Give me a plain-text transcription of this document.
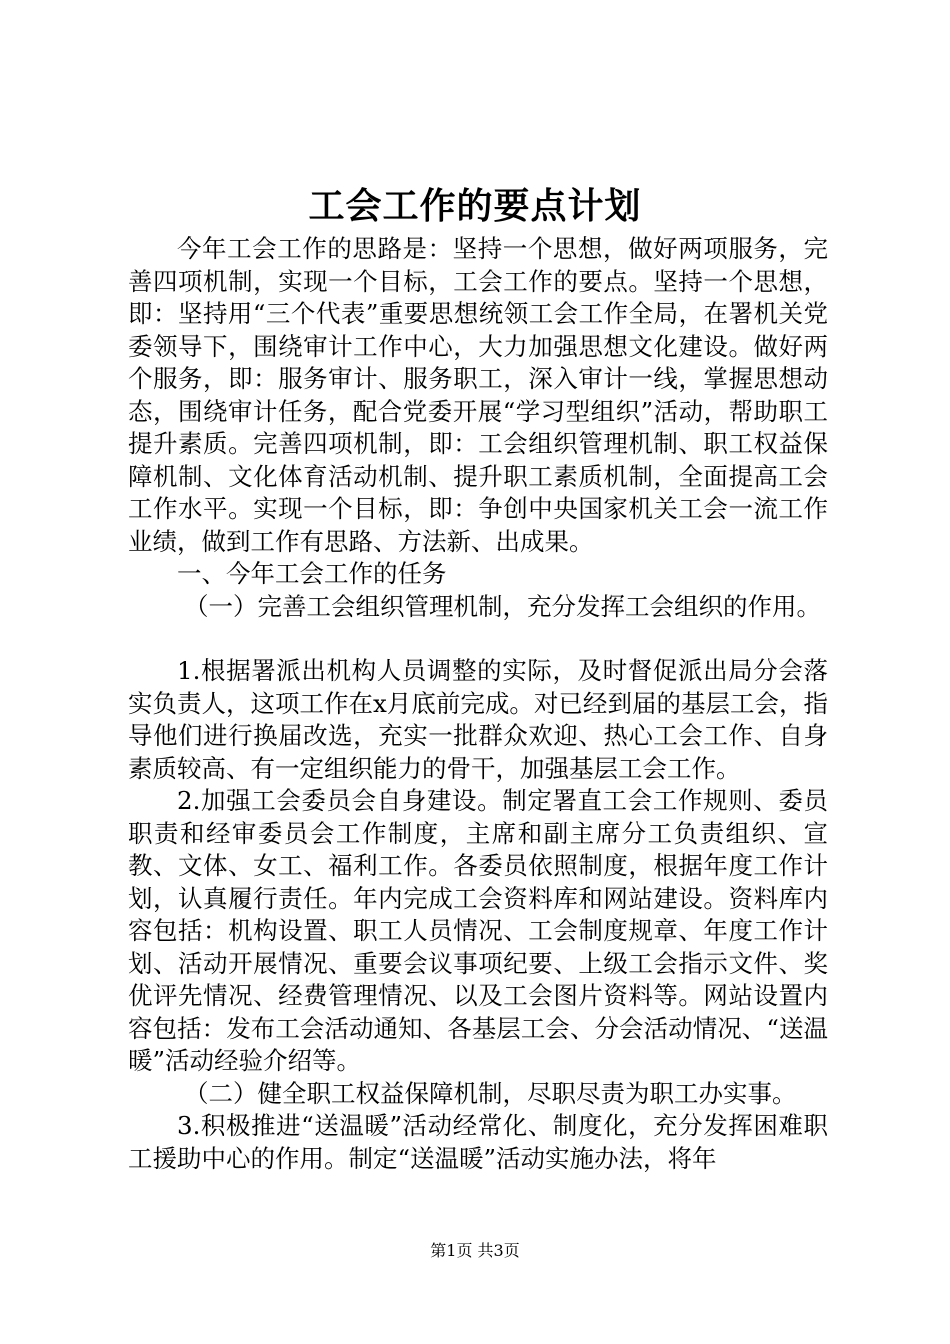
工会工作的要点计划

今年工会工作的思路是：坚持一个思想，做好两项服务，完善四项机制，实现一个目标，工会工作的要点。坚持一个思想，即：坚持用“三个代表”重要思想统领工会工作全局，在署机关党委领导下，围绕审计工作中心，大力加强思想文化建设。做好两个服务，即：服务审计、服务职工，深入审计一线，掌握思想动态，围绕审计任务，配合党委开展“学习型组织”活动，帮助职工提升素质。完善四项机制，即：工会组织管理机制、职工权益保障机制、文化体育活动机制、提升职工素质机制，全面提高工会工作水平。实现一个目标，即：争创中央国家机关工会一流工作业绩，做到工作有思路、方法新、出成果。

一、今年工会工作的任务

（一）完善工会组织管理机制，充分发挥工会组织的作用。

1.根据署派出机构人员调整的实际，及时督促派出局分会落实负责人，这项工作在x月底前完成。对已经到届的基层工会，指导他们进行换届改选，充实一批群众欢迎、热心工会工作、自身素质较高、有一定组织能力的骨干，加强基层工会工作。

2.加强工会委员会自身建设。制定署直工会工作规则、委员职责和经审委员会工作制度，主席和副主席分工负责组织、宣教、文体、女工、福利工作。各委员依照制度，根据年度工作计划，认真履行责任。年内完成工会资料库和网站建设。资料库内容包括：机构设置、职工人员情况、工会制度规章、年度工作计划、活动开展情况、重要会议事项纪要、上级工会指示文件、奖优评先情况、经费管理情况、以及工会图片资料等。网站设置内容包括：发布工会活动通知、各基层工会、分会活动情况、“送温暖”活动经验介绍等。

（二）健全职工权益保障机制，尽职尽责为职工办实事。

3.积极推进“送温暖”活动经常化、制度化，充分发挥困难职工援助中心的作用。制定“送温暖”活动实施办法，将年

第1页 共3页
